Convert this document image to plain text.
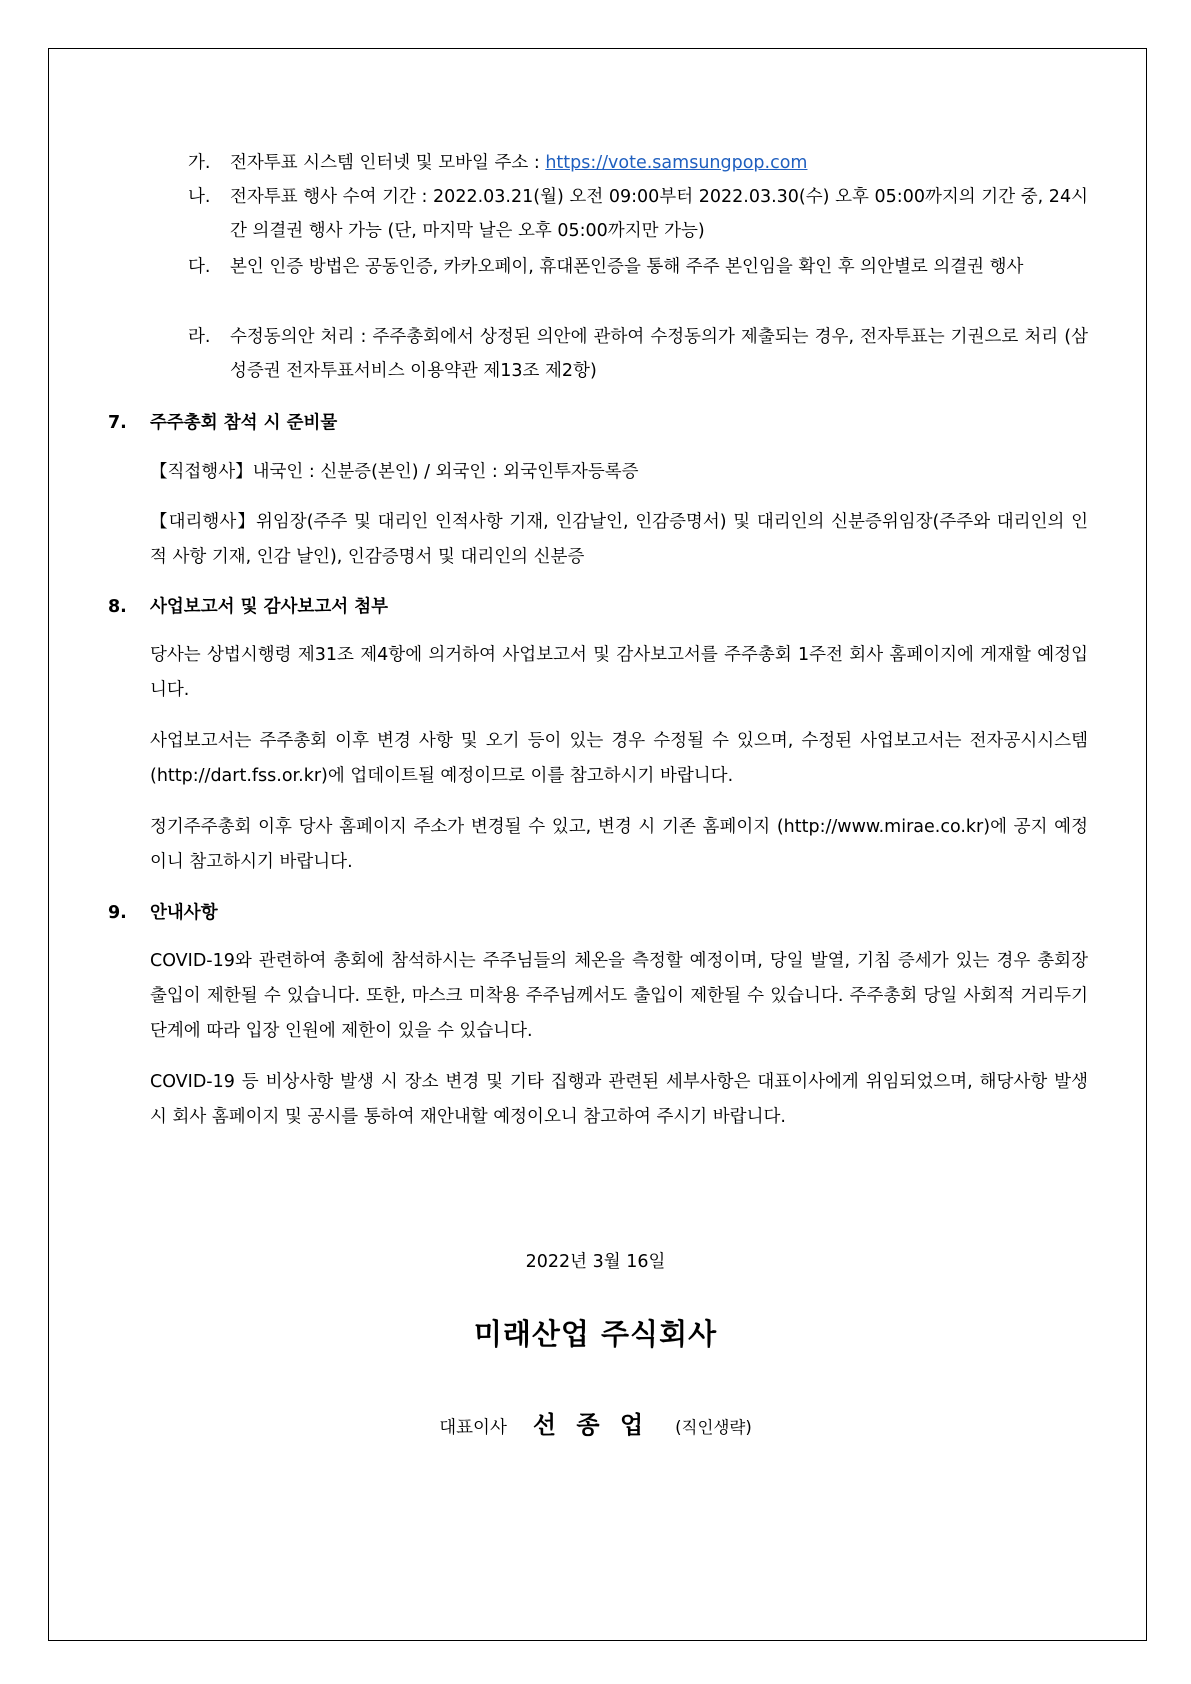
가.	전자투표 시스템 인터넷 및 모바일 주소 : https://vote.samsungpop.com
나.	전자투표 행사 수여 기간 : 2022.03.21(월) 오전 09:00부터 2022.03.30(수) 오후 05:00까지의 기간 중, 24시간 의결권 행사 가능 (단, 마지막 날은 오후 05:00까지만 가능)
다.	본인 인증 방법은 공동인증, 카카오페이, 휴대폰인증을 통해 주주 본인임을 확인 후 의안별로 의결권 행사
라.	수정동의안 처리 : 주주총회에서 상정된 의안에 관하여 수정동의가 제출되는 경우, 전자투표는 기권으로 처리 (삼성증권 전자투표서비스 이용약관 제13조 제2항)
7. 주주총회 참석 시 준비물
【직접행사】내국인 : 신분증(본인) / 외국인 : 외국인투자등록증
【대리행사】위임장(주주 및 대리인 인적사항 기재, 인감날인, 인감증명서) 및 대리인의 신분증위임장(주주와 대리인의 인적 사항 기재, 인감 날인), 인감증명서 및 대리인의 신분증
8. 사업보고서 및 감사보고서 첨부
당사는 상법시행령 제31조 제4항에 의거하여 사업보고서 및 감사보고서를 주주총회 1주전 회사 홈페이지에 게재할 예정입니다.
사업보고서는 주주총회 이후 변경 사항 및 오기 등이 있는 경우 수정될 수 있으며, 수정된 사업보고서는 전자공시시스템(http://dart.fss.or.kr)에 업데이트될 예정이므로 이를 참고하시기 바랍니다.
정기주주총회 이후 당사 홈페이지 주소가 변경될 수 있고, 변경 시 기존 홈페이지 (http://www.mirae.co.kr)에 공지 예정이니 참고하시기 바랍니다.
9. 안내사항
COVID-19와 관련하여 총회에 참석하시는 주주님들의 체온을 측정할 예정이며, 당일 발열, 기침 증세가 있는 경우 총회장 출입이 제한될 수 있습니다. 또한, 마스크 미착용 주주님께서도 출입이 제한될 수 있습니다. 주주총회 당일 사회적 거리두기 단계에 따라 입장 인원에 제한이 있을 수 있습니다.
COVID-19 등 비상사항 발생 시 장소 변경 및 기타 집행과 관련된 세부사항은 대표이사에게 위임되었으며, 해당사항 발생 시 회사 홈페이지 및 공시를 통하여 재안내할 예정이오니 참고하여 주시기 바랍니다.
2022년 3월 16일
미래산업 주식회사
대표이사 선 종 업 (직인생략)
